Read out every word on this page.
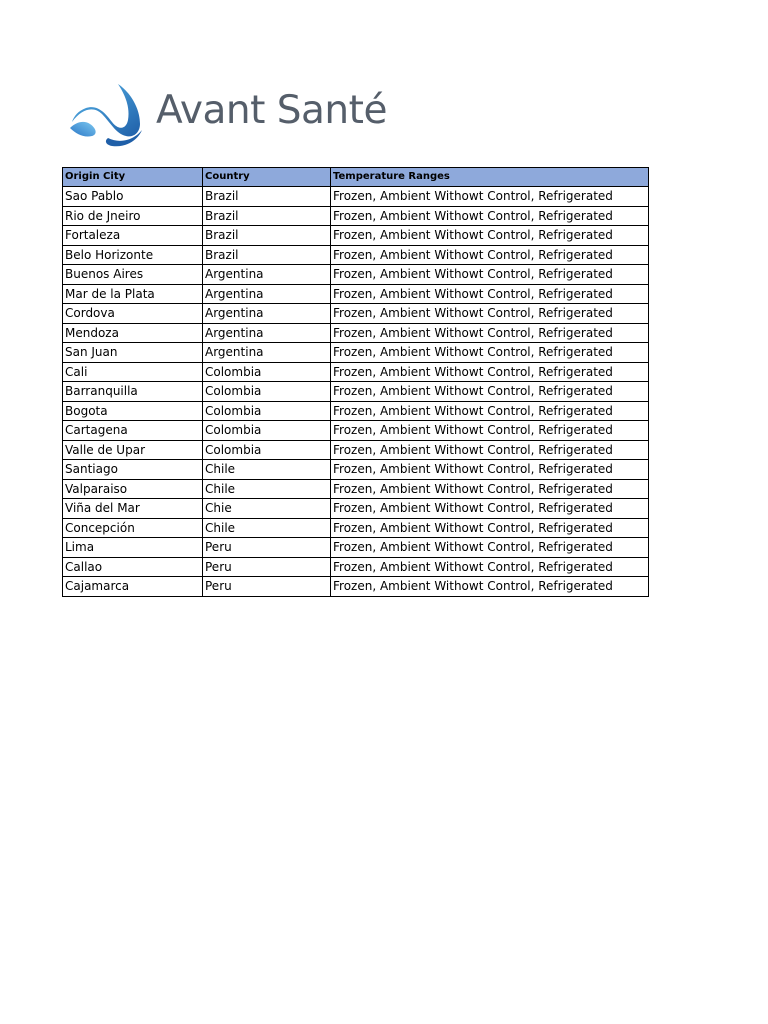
Avant Santé
Origin City	Country	Temperature Ranges
Sao Pablo	Brazil	Frozen, Ambient Withowt Control, Refrigerated
Rio de Jneiro	Brazil	Frozen, Ambient Withowt Control, Refrigerated
Fortaleza	Brazil	Frozen, Ambient Withowt Control, Refrigerated
Belo Horizonte	Brazil	Frozen, Ambient Withowt Control, Refrigerated
Buenos Aires	Argentina	Frozen, Ambient Withowt Control, Refrigerated
Mar de la Plata	Argentina	Frozen, Ambient Withowt Control, Refrigerated
Cordova	Argentina	Frozen, Ambient Withowt Control, Refrigerated
Mendoza	Argentina	Frozen, Ambient Withowt Control, Refrigerated
San Juan	Argentina	Frozen, Ambient Withowt Control, Refrigerated
Cali	Colombia	Frozen, Ambient Withowt Control, Refrigerated
Barranquilla	Colombia	Frozen, Ambient Withowt Control, Refrigerated
Bogota	Colombia	Frozen, Ambient Withowt Control, Refrigerated
Cartagena	Colombia	Frozen, Ambient Withowt Control, Refrigerated
Valle de Upar	Colombia	Frozen, Ambient Withowt Control, Refrigerated
Santiago	Chile	Frozen, Ambient Withowt Control, Refrigerated
Valparaiso	Chile	Frozen, Ambient Withowt Control, Refrigerated
Viña del Mar	Chie	Frozen, Ambient Withowt Control, Refrigerated
Concepción	Chile	Frozen, Ambient Withowt Control, Refrigerated
Lima	Peru	Frozen, Ambient Withowt Control, Refrigerated
Callao	Peru	Frozen, Ambient Withowt Control, Refrigerated
Cajamarca	Peru	Frozen, Ambient Withowt Control, Refrigerated
